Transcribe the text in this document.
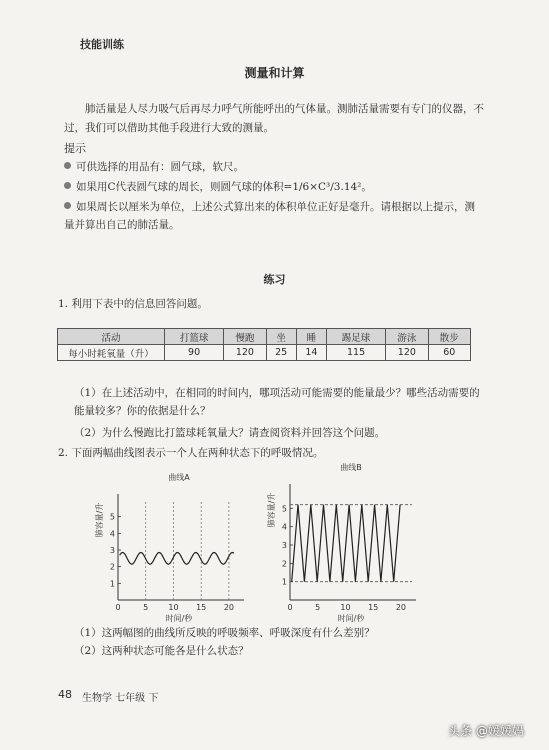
技能训练
测量和计算
肺活量是人尽力吸气后再尽力呼气所能呼出的气体量。测肺活量需要有专门的仪器，不过，我们可以借助其他手段进行大致的测量。
提示
可供选择的用品有：圆气球，软尺。
如果用C代表圆气球的周长，则圆气球的体积=1/6×C³/3.14²。
如果周长以厘米为单位，上述公式算出来的体积单位正好是毫升。请根据以上提示，测量并算出自己的肺活量。
练习
1. 利用下表中的信息回答问题。
活动	打篮球	慢跑	坐	睡	踢足球	游泳	散步
每小时耗氧量（升）	90	120	25	14	115	120	60
（1）在上述活动中，在相同的时间内，哪项活动可能需要的能量最少？哪些活动需要的能量较多？你的依据是什么？
（2）为什么慢跑比打篮球耗氧量大？请查阅资料并回答这个问题。
2. 下面两幅曲线图表示一个人在两种状态下的呼吸情况。
曲线A
0	5	10 15 20
1
2
3
4
5
时间/秒
肺容量/升
曲线B
0	5	10 15 20
1
2
3
4
5
时间/秒
肺容量/升
（1）这两幅图的曲线所反映的呼吸频率、呼吸深度有什么差别？
（2）这两种状态可能各是什么状态？
48 生物学 七年级 下
头条 @媛媛妈
